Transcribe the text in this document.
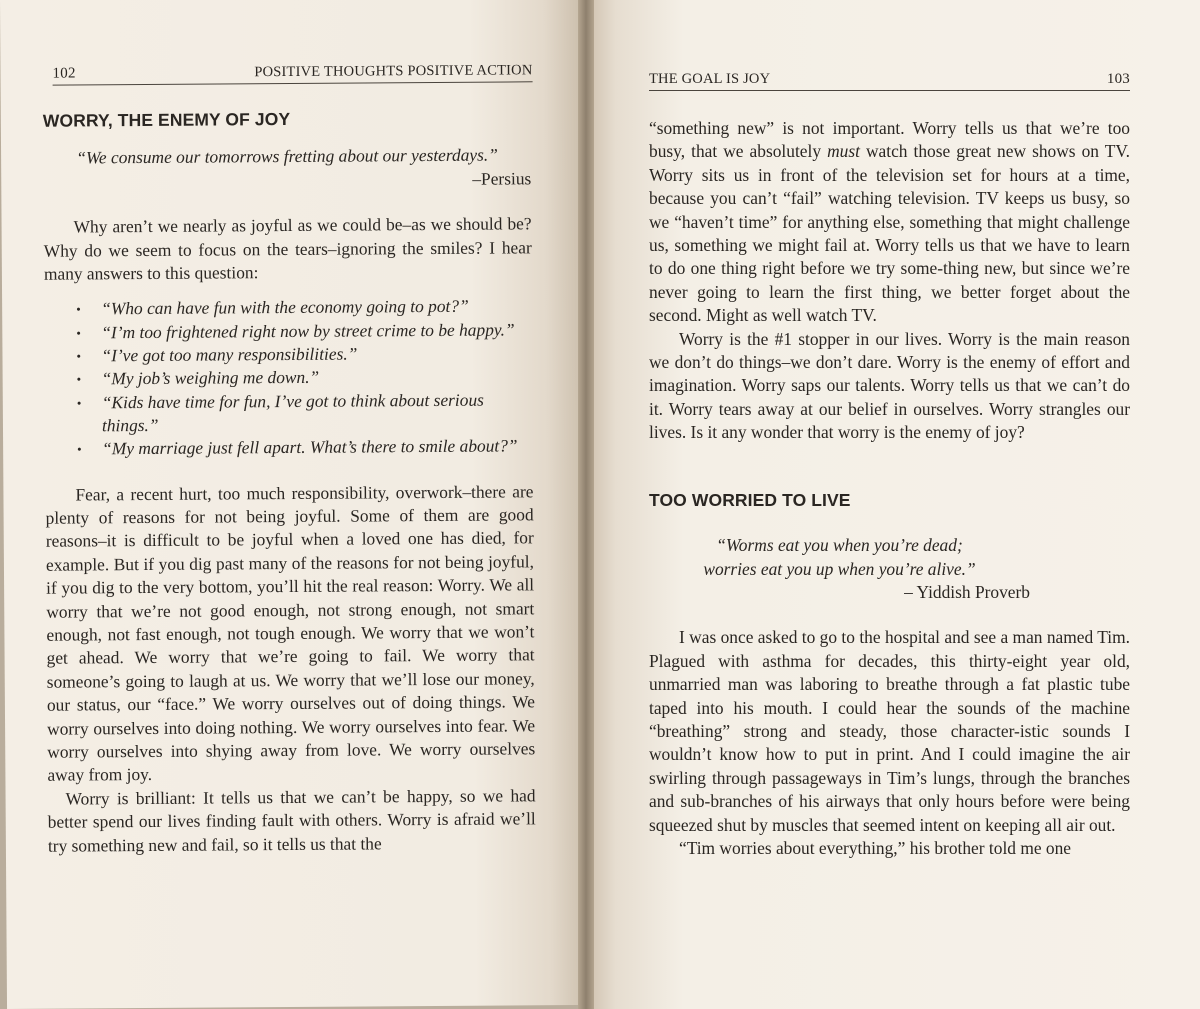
102	POSITIVE THOUGHTS POSITIVE ACTION
WORRY, THE ENEMY OF JOY
“We consume our tomorrows fretting about our yesterdays.”
–Persius

Why aren’t we nearly as joyful as we could be–as we should be? Why do we seem to focus on the tears–ignoring the smiles? I hear many answers to this question:

• “Who can have fun with the economy going to pot?”
• “I’m too frightened right now by street crime to be happy.”
• “I’ve got too many responsibilities.”
• “My job’s weighing me down.”
• “Kids have time for fun, I’ve got to think about serious things.”
• “My marriage just fell apart. What’s there to smile about?”

Fear, a recent hurt, too much responsibility, overwork–there are plenty of reasons for not being joyful. Some of them are good reasons–it is difficult to be joyful when a loved one has died, for example. But if you dig past many of the reasons for not being joyful, if you dig to the very bottom, you’ll hit the real reason: Worry. We all worry that we’re not good enough, not strong enough, not smart enough, not fast enough, not tough enough. We worry that we won’t get ahead. We worry that we’re going to fail. We worry that someone’s going to laugh at us. We worry that we’ll lose our money, our status, our “face.” We worry ourselves out of doing things. We worry ourselves into doing nothing. We worry ourselves into fear. We worry ourselves into shying away from love. We worry ourselves away from joy.

Worry is brilliant: It tells us that we can’t be happy, so we had better spend our lives finding fault with others. Worry is afraid we’ll try something new and fail, so it tells us that the

THE GOAL IS JOY	103

“something new” is not important. Worry tells us that we’re too busy, that we absolutely must watch those great new shows on TV. Worry sits us in front of the television set for hours at a time, because you can’t “fail” watching television. TV keeps us busy, so we “haven’t time” for anything else, something that might challenge us, something we might fail at. Worry tells us that we have to learn to do one thing right before we try some-thing new, but since we’re never going to learn the first thing, we better forget about the second. Might as well watch TV.

Worry is the #1 stopper in our lives. Worry is the main reason we don’t do things–we don’t dare. Worry is the enemy of effort and imagination. Worry saps our talents. Worry tells us that we can’t do it. Worry tears away at our belief in ourselves. Worry strangles our lives. Is it any wonder that worry is the enemy of joy?

TOO WORRIED TO LIVE
“Worms eat you when you’re dead;
worries eat you up when you’re alive.”
– Yiddish Proverb

I was once asked to go to the hospital and see a man named Tim. Plagued with asthma for decades, this thirty-eight year old, unmarried man was laboring to breathe through a fat plastic tube taped into his mouth. I could hear the sounds of the machine “breathing” strong and steady, those character-istic sounds I wouldn’t know how to put in print. And I could imagine the air swirling through passageways in Tim’s lungs, through the branches and sub-branches of his airways that only hours before were being squeezed shut by muscles that seemed intent on keeping all air out.

“Tim worries about everything,” his brother told me one
